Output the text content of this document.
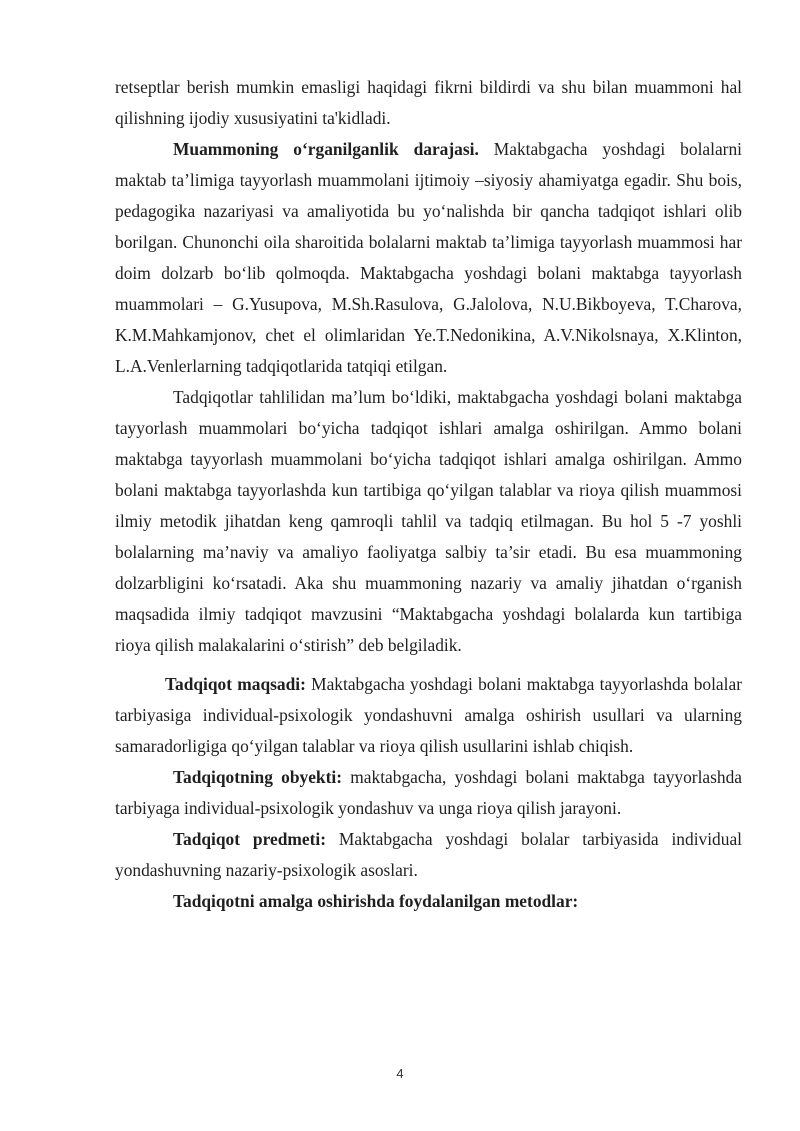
retseptlar berish mumkin emasligi haqidagi fikrni bildirdi va shu bilan muammoni hal qilishning ijodiy xususiyatini ta'kidladi.

Muammoning o‘rganilganlik darajasi. Maktabgacha yoshdagi bolalarni maktab ta’limiga tayyorlash muammolani ijtimoiy –siyosiy ahamiyatga egadir. Shu bois, pedagogika nazariyasi va amaliyotida bu yo‘nalishda bir qancha tadqiqot ishlari olib borilgan. Chunonchi oila sharoitida bolalarni maktab ta’limiga tayyorlash muammosi har doim dolzarb bo‘lib qolmoqda. Maktabgacha yoshdagi bolani maktabga tayyorlash muammolari – G.Yusupova, M.Sh.Rasulova, G.Jalolova, N.U.Bikboyeva, T.Charova, K.M.Mahkamjonov, chet el olimlaridan Ye.T.Nedonikina, A.V.Nikolsnaya, X.Klinton, L.A.Venlerlarning tadqiqotlarida tatqiqi etilgan.

Tadqiqotlar tahlilidan ma’lum bo‘ldiki, maktabgacha yoshdagi bolani maktabga tayyorlash muammolari bo‘yicha tadqiqot ishlari amalga oshirilgan. Ammo bolani maktabga tayyorlash muammolani bo‘yicha tadqiqot ishlari amalga oshirilgan. Ammo bolani maktabga tayyorlashda kun tartibiga qo‘yilgan talablar va rioya qilish muammosi ilmiy metodik jihatdan keng qamroqli tahlil va tadqiq etilmagan. Bu hol 5 -7 yoshli bolalarning ma’naviy va amaliyo faoliyatga salbiy ta’sir etadi. Bu esa muammoning dolzarbligini ko‘rsatadi. Aka shu muammoning nazariy va amaliy jihatdan o‘rganish maqsadida ilmiy tadqiqot mavzusini “Maktabgacha yoshdagi bolalarda kun tartibiga rioya qilish malakalarini o‘stirish” deb belgiladik.

Tadqiqot maqsadi: Maktabgacha yoshdagi bolani maktabga tayyorlashda bolalar tarbiyasiga individual-psixologik yondashuvni amalga oshirish usullari va ularning samaradorligiga qo‘yilgan talablar va rioya qilish usullarini ishlab chiqish.

Tadqiqotning obyekti: maktabgacha, yoshdagi bolani maktabga tayyorlashda tarbiyaga individual-psixologik yondashuv va unga rioya qilish jarayoni.

Tadqiqot predmeti: Maktabgacha yoshdagi bolalar tarbiyasida individual yondashuvning nazariy-psixologik asoslari.

Tadqiqotni amalga oshirishda foydalanilgan metodlar:

4
